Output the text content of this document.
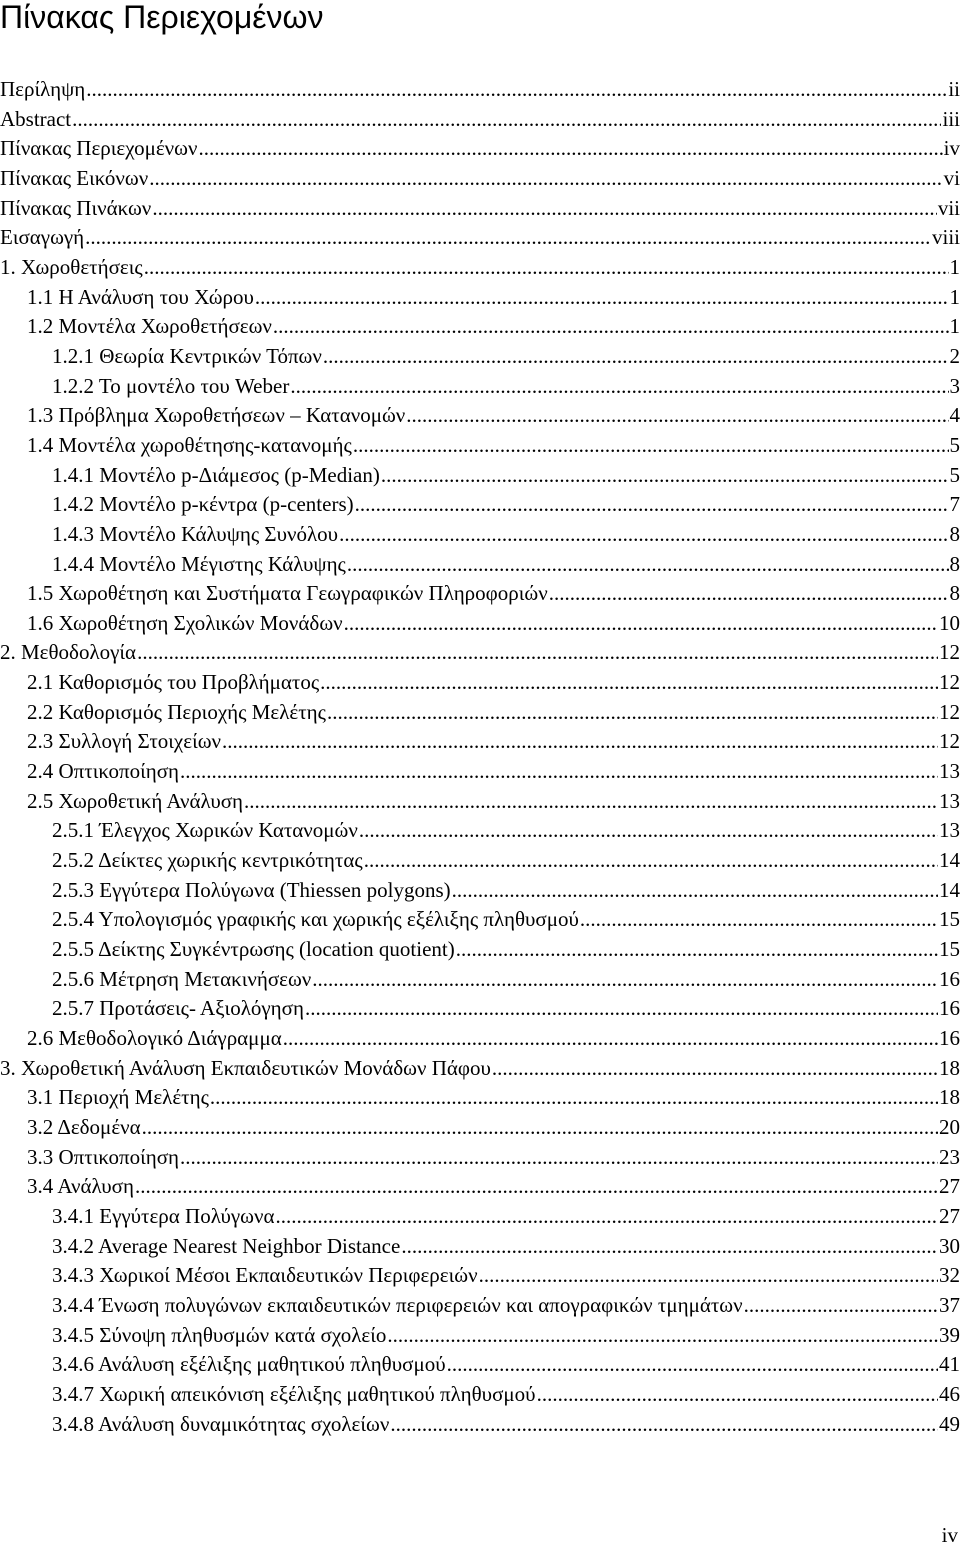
Πίνακας Περιεχομένων
Περίληψη .....	ii
Abstract .....	iii
Πίνακας Περιεχομένων .....	iv
Πίνακας Εικόνων .....	vi
Πίνακας Πινάκων .....	vii
Εισαγωγή .....	viii
1. Χωροθετήσεις .....	1
1.1 Η Ανάλυση του Χώρου .....	1
1.2 Μοντέλα Χωροθετήσεων .....	1
1.2.1 Θεωρία Κεντρικών Τόπων .....	2
1.2.2 Το μοντέλο του Weber .....	3
1.3 Πρόβλημα Χωροθετήσεων – Κατανομών .....	4
1.4 Μοντέλα χωροθέτησης-κατανομής .....	5
1.4.1 Μοντέλο p-Διάμεσος (p-Median) .....	5
1.4.2 Μοντέλο p-κέντρα (p-centers) .....	7
1.4.3 Μοντέλο Κάλυψης Συνόλου .....	8
1.4.4 Μοντέλο Μέγιστης Κάλυψης .....	8
1.5 Χωροθέτηση και Συστήματα Γεωγραφικών Πληροφοριών .....	8
1.6 Χωροθέτηση Σχολικών Μονάδων .....	10
2. Μεθοδολογία .....	12
2.1 Καθορισμός του Προβλήματος .....	12
2.2 Καθορισμός Περιοχής Μελέτης .....	12
2.3 Συλλογή Στοιχείων .....	12
2.4 Οπτικοποίηση .....	13
2.5 Χωροθετική Ανάλυση .....	13
2.5.1 Έλεγχος Χωρικών Κατανομών .....	13
2.5.2 Δείκτες χωρικής κεντρικότητας .....	14
2.5.3 Εγγύτερα Πολύγωνα (Thiessen polygons) .....	14
2.5.4 Υπολογισμός γραφικής και χωρικής εξέλιξης πληθυσμού .....	15
2.5.5 Δείκτης Συγκέντρωσης (location quotient) .....	15
2.5.6 Μέτρηση Μετακινήσεων .....	16
2.5.7 Προτάσεις- Αξιολόγηση .....	16
2.6 Μεθοδολογικό Διάγραμμα .....	16
3. Χωροθετική Ανάλυση Εκπαιδευτικών Μονάδων Πάφου .....	18
3.1 Περιοχή Μελέτης .....	18
3.2 Δεδομένα .....	20
3.3 Οπτικοποίηση .....	23
3.4 Ανάλυση .....	27
3.4.1 Εγγύτερα Πολύγωνα .....	27
3.4.2 Average Nearest Neighbor Distance .....	30
3.4.3 Χωρικοί Μέσοι Εκπαιδευτικών Περιφερειών .....	32
3.4.4 Ένωση πολυγώνων εκπαιδευτικών περιφερειών και απογραφικών τμημάτων .....	37
3.4.5 Σύνοψη πληθυσμών κατά σχολείο .....	39
3.4.6 Ανάλυση εξέλιξης μαθητικού πληθυσμού .....	41
3.4.7 Χωρική απεικόνιση εξέλιξης μαθητικού πληθυσμού .....	46
3.4.8 Ανάλυση δυναμικότητας σχολείων .....	49
iv
